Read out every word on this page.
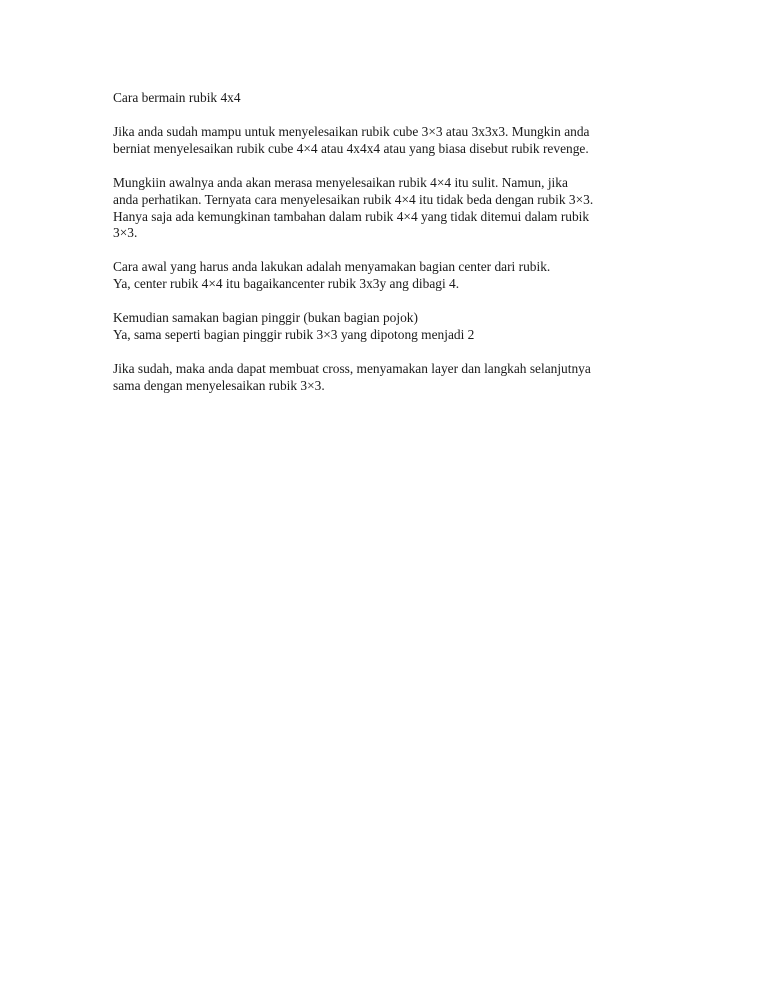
Cara bermain rubik 4x4
Jika anda sudah mampu untuk menyelesaikan rubik cube 3×3 atau 3x3x3. Mungkin anda
berniat menyelesaikan rubik cube 4×4 atau 4x4x4 atau yang biasa disebut rubik revenge.
Mungkiin awalnya anda akan merasa menyelesaikan rubik 4×4 itu sulit. Namun, jika
anda perhatikan. Ternyata cara menyelesaikan rubik 4×4 itu tidak beda dengan rubik 3×3.
Hanya saja ada kemungkinan tambahan dalam rubik 4×4 yang tidak ditemui dalam rubik
3×3.
Cara awal yang harus anda lakukan adalah menyamakan bagian center dari rubik.
Ya, center rubik 4×4 itu bagaikancenter rubik 3x3y ang dibagi 4.
Kemudian samakan bagian pinggir (bukan bagian pojok)
Ya, sama seperti bagian pinggir rubik 3×3 yang dipotong menjadi 2
Jika sudah, maka anda dapat membuat cross, menyamakan layer dan langkah selanjutnya
sama dengan menyelesaikan rubik 3×3.
